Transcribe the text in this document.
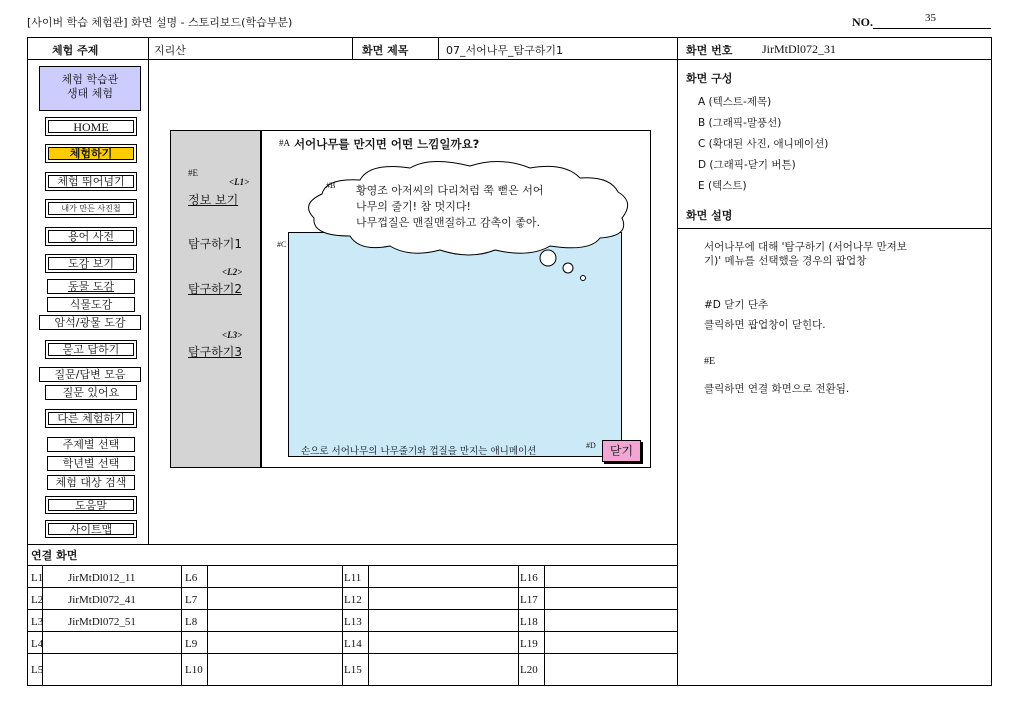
[사이버 학습 체험관] 화면 설명 - 스토리보드(학습부분)	NO.	35
체험 주제	지리산	화면 제목	07_서어나무_탐구하기1	화면 번호 JirMtDl072_31
체험 학습관
생태 체험
HOME
체험하기
체험 뛰어넘기
내가 만든 사진첩
용어 사전
도감 보기
동물 도감
식물도감
암석/광물 도감
묻고 답하기
질문/답변 모음
질문 있어요
다른 체험하기
주제별 선택
학년별 선택
체험 대상 검색
도움말
사이트맵
#E
<L1>
정보 보기
탐구하기1
<L2>
탐구하기2
<L3>
탐구하기3
#A 서어나무를 만지면 어떤 느낌일까요?
#C
#B 황영조 아저씨의 다리처럼 쭉 뻗은 서어
나무의 줄기! 참 멋지다!
나무껍질은 맨질맨질하고 감촉이 좋아.
손으로 서어나무의 나무줄기와 껍질을 만지는 애니메이션
#D	닫기
화면 구성
A (텍스트-제목)
B (그래픽-말풍선)
C (확대된 사진, 애니메이션)
D (그래픽-닫기 버튼)
E (텍스트)
화면 설명
서어나무에 대해 '탐구하기 (서어나무 만져보
기)' 메뉴를 선택했을 경우의 팝업창
#D 닫기 단추
클릭하면 팝업창이 닫힌다.
#E
클릭하면 연결 화면으로 전환됨.
연결 화면
L1 JirMtDl012_11	L6	L11	L16
L2 JirMtDl072_41	L7	L12	L17
L3 JirMtDl072_51	L8	L13	L18
L4	L9	L14	L19
L5	L10	L15	L20
